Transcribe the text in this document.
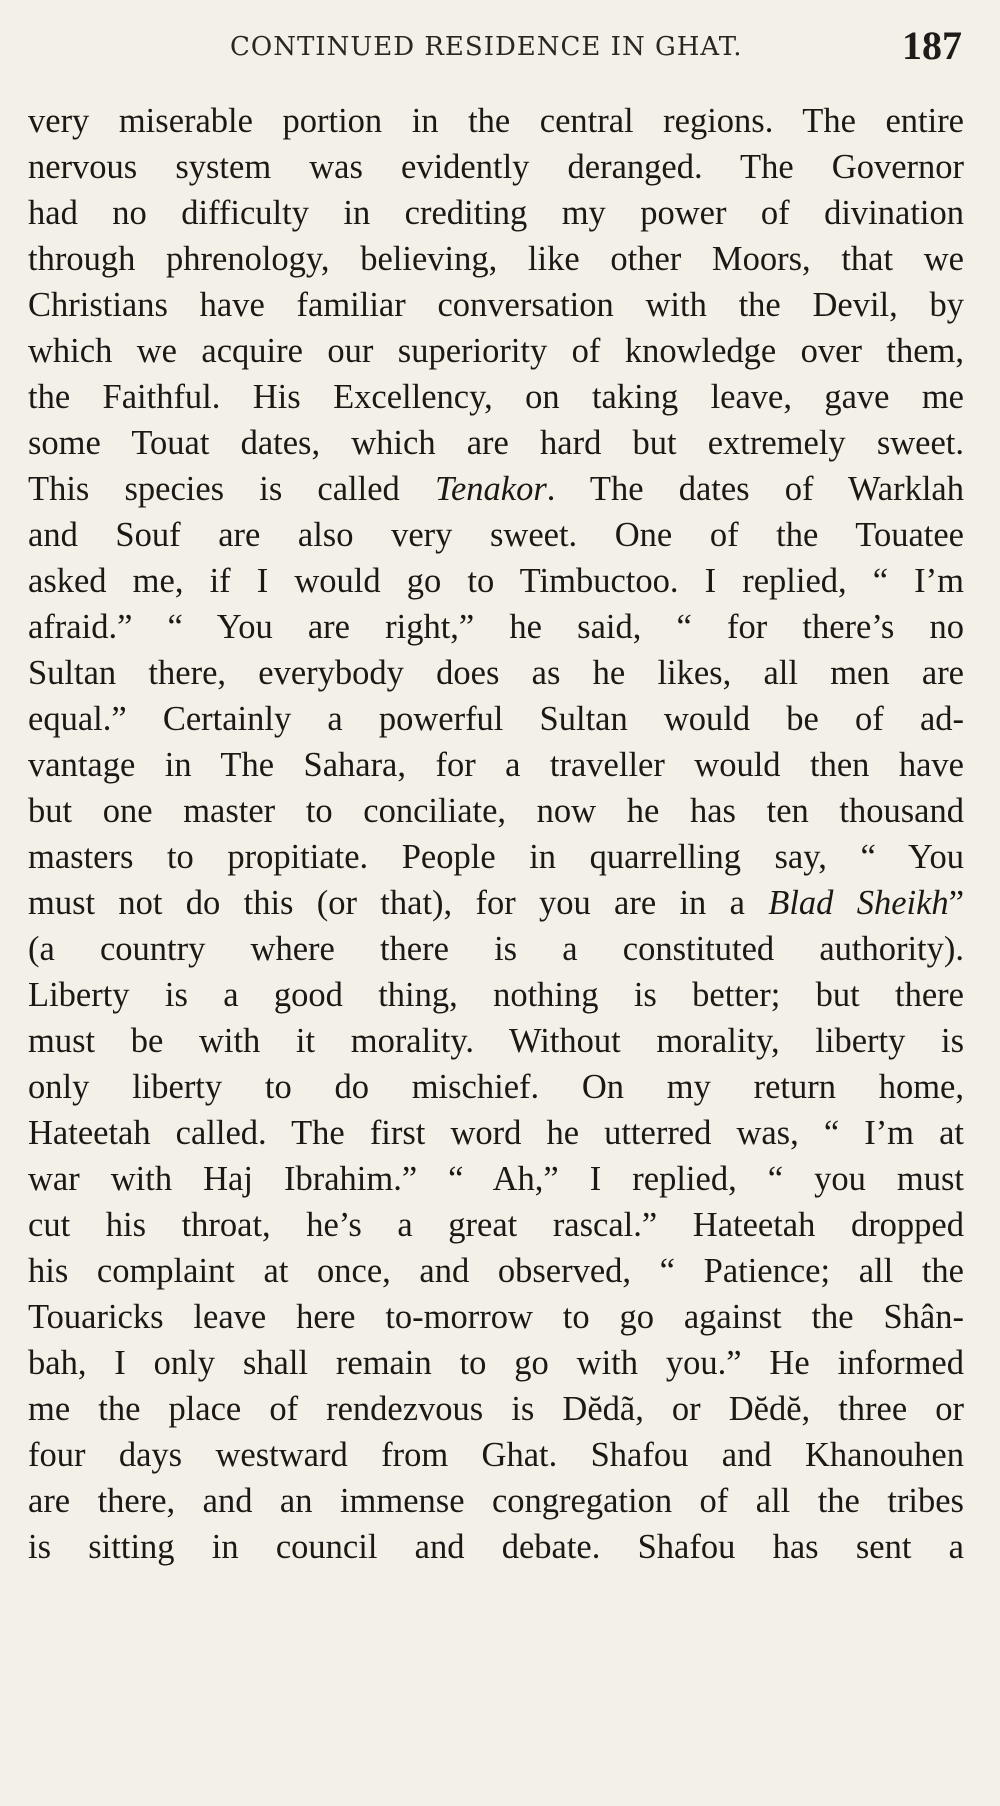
CONTINUED RESIDENCE IN GHAT.	187
very miserable portion in the central regions. The entire
nervous system was evidently deranged. The Governor
had no difficulty in crediting my power of divination
through phrenology, believing, like other Moors, that we
Christians have familiar conversation with the Devil, by
which we acquire our superiority of knowledge over them,
the Faithful. His Excellency, on taking leave, gave me
some Touat dates, which are hard but extremely sweet.
This species is called Tenakor. The dates of Warklah
and Souf are also very sweet. One of the Touatee
asked me, if I would go to Timbuctoo. I replied, “ I’m
afraid.” “ You are right,” he said, “ for there’s no
Sultan there, everybody does as he likes, all men are
equal.” Certainly a powerful Sultan would be of ad-
vantage in The Sahara, for a traveller would then have
but one master to conciliate, now he has ten thousand
masters to propitiate. People in quarrelling say, “ You
must not do this (or that), for you are in a Blad Sheikh”
(a country where there is a constituted authority).
Liberty is a good thing, nothing is better; but there
must be with it morality. Without morality, liberty is
only liberty to do mischief. On my return home,
Hateetah called. The first word he utterred was, “ I’m at
war with Haj Ibrahim.” “ Ah,” I replied, “ you must
cut his throat, he’s a great rascal.” Hateetah dropped
his complaint at once, and observed, “ Patience; all the
Touaricks leave here to-morrow to go against the Shân-
bah, I only shall remain to go with you.” He informed
me the place of rendezvous is Dĕdã, or Dĕdĕ, three or
four days westward from Ghat. Shafou and Khanouhen
are there, and an immense congregation of all the tribes
is sitting in council and debate. Shafou has sent a
